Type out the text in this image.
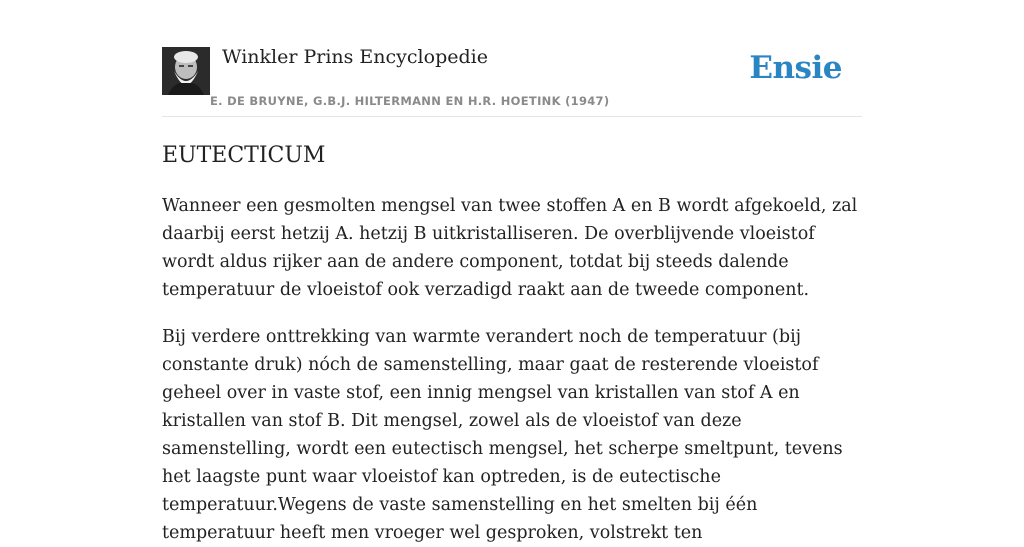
Winkler Prins Encyclopedie
E. DE BRUYNE, G.B.J. HILTERMANN EN H.R. HOETINK (1947)
Ensie
EUTECTICUM

Wanneer een gesmolten mengsel van twee stoffen A en B wordt afgekoeld, zal daarbij eerst hetzij A. hetzij B uitkristalliseren. De overblijvende vloeistof wordt aldus rijker aan de andere component, totdat bij steeds dalende temperatuur de vloeistof ook verzadigd raakt aan de tweede component.

Bij verdere onttrekking van warmte verandert noch de temperatuur (bij constante druk) nóch de samenstelling, maar gaat de resterende vloeistof geheel over in vaste stof, een innig mengsel van kristallen van stof A en kristallen van stof B. Dit mengsel, zowel als de vloeistof van deze samenstelling, wordt een eutectisch mengsel, het scherpe smeltpunt, tevens het laagste punt waar vloeistof kan optreden, is de eutectische temperatuur.Wegens de vaste samenstelling en het smelten bij één temperatuur heeft men vroeger wel gesproken, volstrekt ten
